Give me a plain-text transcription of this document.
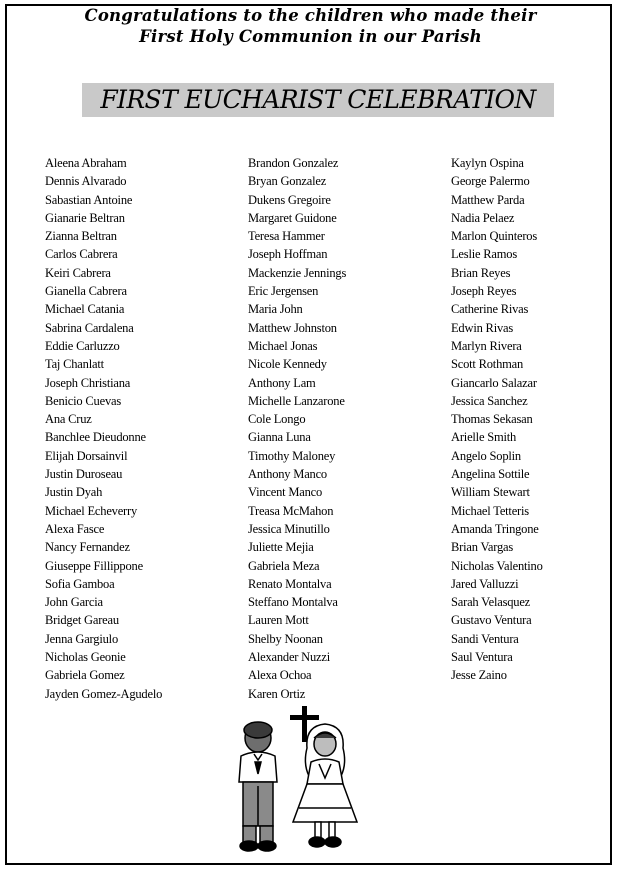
Congratulations to the children who made their
First Holy Communion in our Parish
FIRST EUCHARIST CELEBRATION
Aleena Abraham
Dennis Alvarado
Sabastian Antoine
Gianarie Beltran
Zianna Beltran
Carlos Cabrera
Keiri Cabrera
Gianella Cabrera
Michael Catania
Sabrina Cardalena
Eddie Carluzzo
Taj Chanlatt
Joseph Christiana
Benicio Cuevas
Ana Cruz
Banchlee Dieudonne
Elijah Dorsainvil
Justin Duroseau
Justin Dyah
Michael Echeverry
Alexa Fasce
Nancy Fernandez
Giuseppe Fillippone
Sofia Gamboa
John Garcia
Bridget Gareau
Jenna Gargiulo
Nicholas Geonie
Gabriela Gomez
Jayden Gomez-Agudelo
Brandon Gonzalez
Bryan Gonzalez
Dukens Gregoire
Margaret Guidone
Teresa Hammer
Joseph Hoffman
Mackenzie Jennings
Eric Jergensen
Maria John
Matthew Johnston
Michael Jonas
Nicole Kennedy
Anthony Lam
Michelle Lanzarone
Cole Longo
Gianna Luna
Timothy Maloney
Anthony Manco
Vincent Manco
Treasa McMahon
Jessica Minutillo
Juliette Mejia
Gabriela Meza
Renato Montalva
Steffano Montalva
Lauren Mott
Shelby Noonan
Alexander Nuzzi
Alexa Ochoa
Karen Ortiz
Kaylyn Ospina
George Palermo
Matthew Parda
Nadia Pelaez
Marlon Quinteros
Leslie Ramos
Brian Reyes
Joseph Reyes
Catherine Rivas
Edwin Rivas
Marlyn Rivera
Scott Rothman
Giancarlo Salazar
Jessica Sanchez
Thomas Sekasan
Arielle Smith
Angelo Soplin
Angelina Sottile
William Stewart
Michael Tetteris
Amanda Tringone
Brian Vargas
Nicholas Valentino
Jared Valluzzi
Sarah Velasquez
Gustavo Ventura
Sandi Ventura
Saul Ventura
Jesse Zaino
